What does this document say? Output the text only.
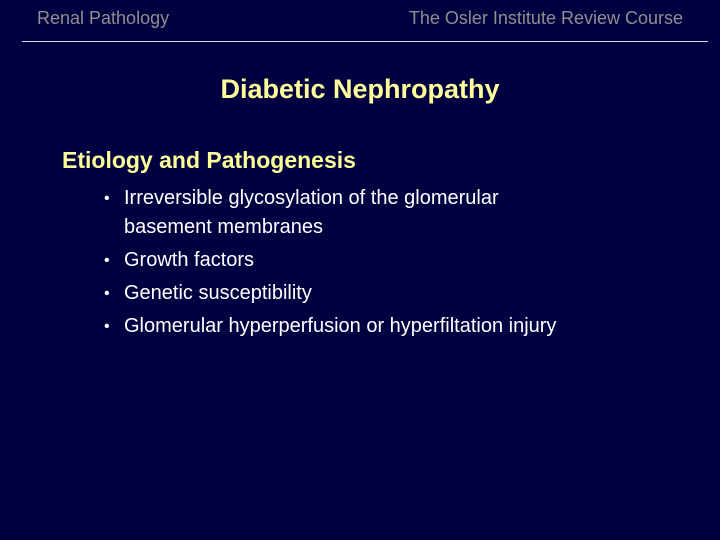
Renal Pathology	The Osler Institute Review Course
Diabetic Nephropathy
Etiology and Pathogenesis
• Irreversible glycosylation of the glomerular
basement membranes
• Growth factors
• Genetic susceptibility
• Glomerular hyperperfusion or hyperfiltation injury
